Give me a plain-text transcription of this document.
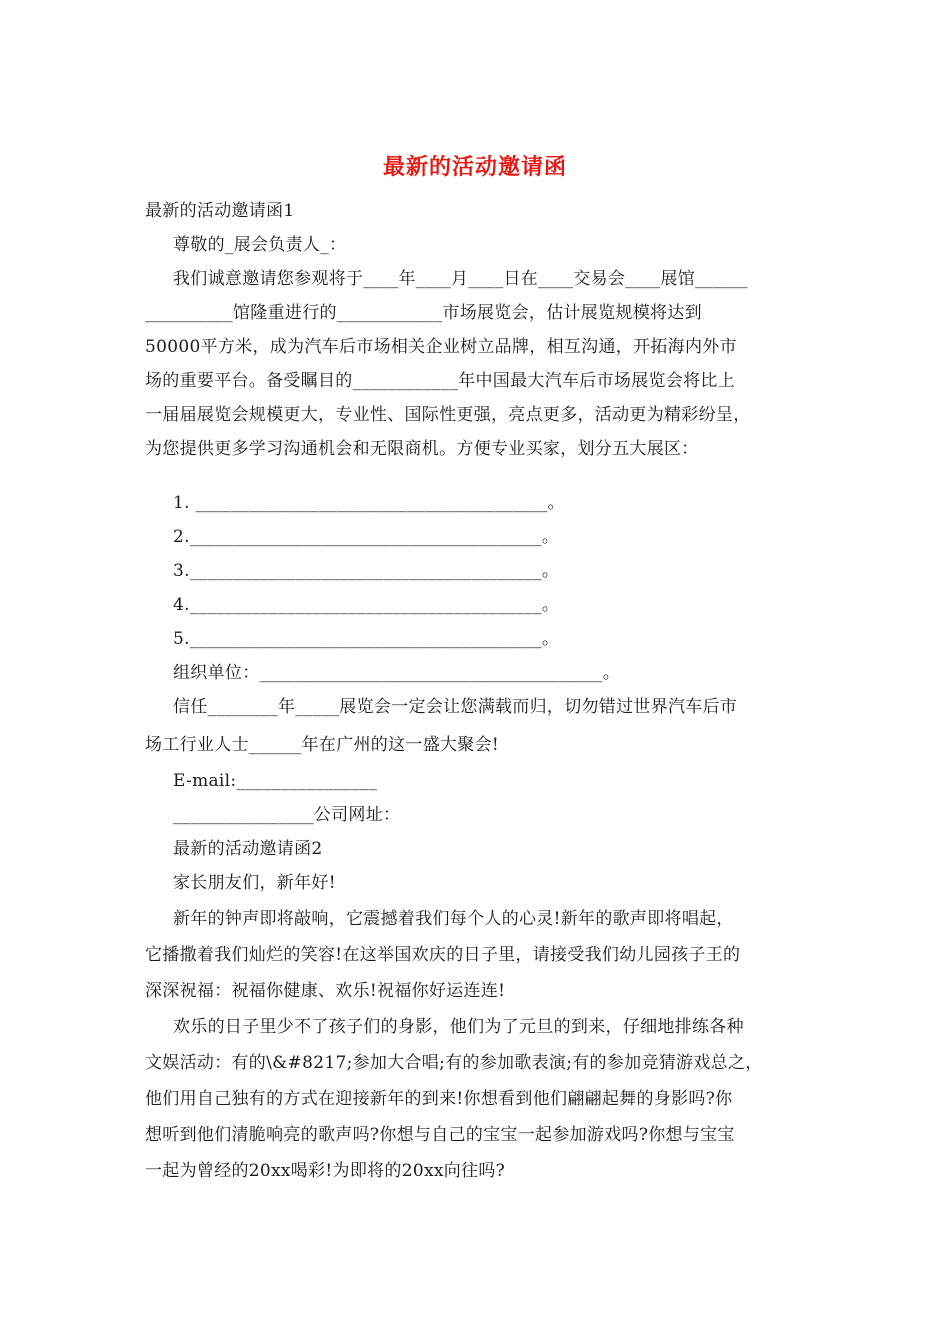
最新的活动邀请函
最新的活动邀请函1
尊敬的_展会负责人_：
我们诚意邀请您参观将于____年____月____日在____交易会____展馆______
__________馆隆重进行的____________市场展览会，估计展览规模将达到
50000平方米，成为汽车后市场相关企业树立品牌，相互沟通，开拓海内外市
场的重要平台。备受瞩目的____________年中国最大汽车后市场展览会将比上
一届届展览会规模更大，专业性、国际性更强，亮点更多，活动更为精彩纷呈，
为您提供更多学习沟通机会和无限商机。方便专业买家，划分五大展区：
1. ________________________________________。
2.________________________________________。
3.________________________________________。
4.________________________________________。
5.________________________________________。
组织单位：_______________________________________。
信任________年_____展览会一定会让您满载而归，切勿错过世界汽车后市
场工行业人士______年在广州的这一盛大聚会!
E-mail:________________
________________公司网址：
最新的活动邀请函2
家长朋友们，新年好!
新年的钟声即将敲响，它震撼着我们每个人的心灵!新年的歌声即将唱起，
它播撒着我们灿烂的笑容!在这举国欢庆的日子里，请接受我们幼儿园孩子王的
深深祝福：祝福你健康、欢乐!祝福你好运连连!
欢乐的日子里少不了孩子们的身影，他们为了元旦的到来，仔细地排练各种
文娱活动：有的\&#8217;参加大合唱;有的参加歌表演;有的参加竞猜游戏总之，
他们用自己独有的方式在迎接新年的到来!你想看到他们翩翩起舞的身影吗?你
想听到他们清脆响亮的歌声吗?你想与自己的宝宝一起参加游戏吗?你想与宝宝
一起为曾经的20xx喝彩!为即将的20xx向往吗?
